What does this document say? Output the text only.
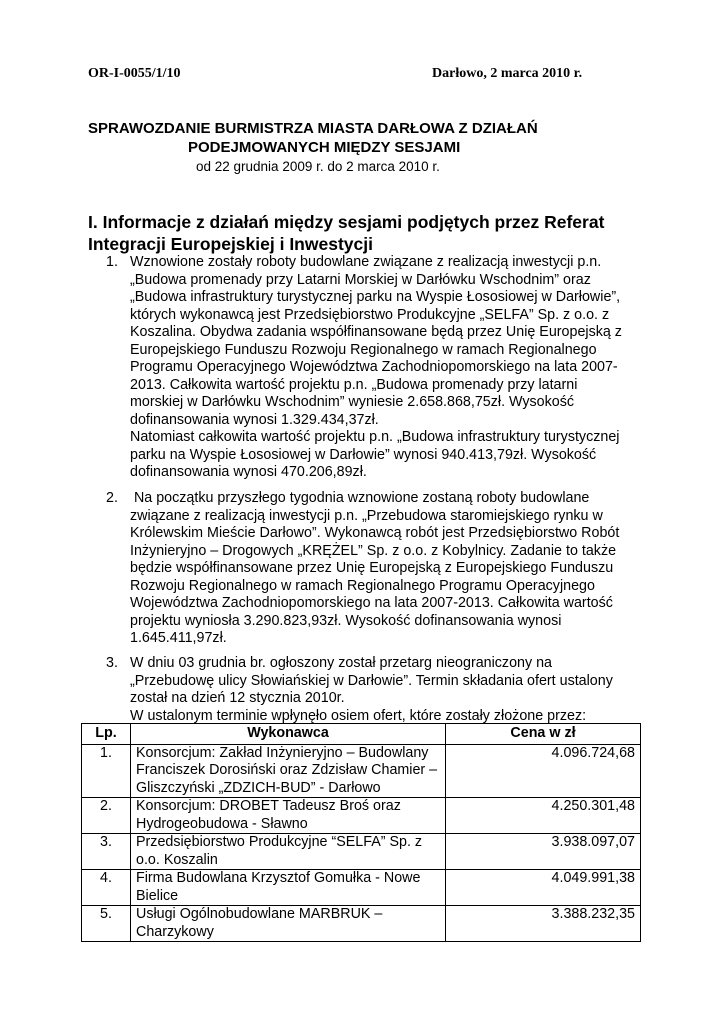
OR-I-0055/1/10	Darłowo, 2 marca 2010 r.
SPRAWOZDANIE BURMISTRZA MIASTA DARŁOWA Z DZIAŁAŃ
PODEJMOWANYCH MIĘDZY SESJAMI
od 22 grudnia 2009 r. do 2 marca 2010 r.
I. Informacje z działań między sesjami podjętych przez Referat
Integracji Europejskiej i Inwestycji
1. Wznowione zostały roboty budowlane związane z realizacją inwestycji p.n.
„Budowa promenady przy Latarni Morskiej w Darłówku Wschodnim” oraz
„Budowa infrastruktury turystycznej parku na Wyspie Łososiowej w Darłowie”,
których wykonawcą jest Przedsiębiorstwo Produkcyjne „SELFA” Sp. z o.o. z
Koszalina. Obydwa zadania współfinansowane będą przez Unię Europejską z
Europejskiego Funduszu Rozwoju Regionalnego w ramach Regionalnego
Programu Operacyjnego Województwa Zachodniopomorskiego na lata 2007-
2013. Całkowita wartość projektu p.n. „Budowa promenady przy latarni
morskiej w Darłówku Wschodnim” wyniesie 2.658.868,75zł. Wysokość
dofinansowania wynosi 1.329.434,37zł.
Natomiast całkowita wartość projektu p.n. „Budowa infrastruktury turystycznej
parku na Wyspie Łososiowej w Darłowie” wynosi 940.413,79zł. Wysokość
dofinansowania wynosi 470.206,89zł.
2. Na początku przyszłego tygodnia wznowione zostaną roboty budowlane
związane z realizacją inwestycji p.n. „Przebudowa staromiejskiego rynku w
Królewskim Mieście Darłowo”. Wykonawcą robót jest Przedsiębiorstwo Robót
Inżynieryjno – Drogowych „KRĘŻEL” Sp. z o.o. z Kobylnicy. Zadanie to także
będzie współfinansowane przez Unię Europejską z Europejskiego Funduszu
Rozwoju Regionalnego w ramach Regionalnego Programu Operacyjnego
Województwa Zachodniopomorskiego na lata 2007-2013. Całkowita wartość
projektu wyniosła 3.290.823,93zł. Wysokość dofinansowania wynosi
1.645.411,97zł.
3. W dniu 03 grudnia br. ogłoszony został przetarg nieograniczony na
„Przebudowę ulicy Słowiańskiej w Darłowie”. Termin składania ofert ustalony
został na dzień 12 stycznia 2010r.
W ustalonym terminie wpłynęło osiem ofert, które zostały złożone przez:
Lp.	Wykonawca	Cena w zł
1.	Konsorcjum: Zakład Inżynieryjno – Budowlany Franciszek Dorosiński oraz Zdzisław Chamier – Gliszczyński „ZDZICH-BUD” - Darłowo	4.096.724,68
2.	Konsorcjum: DROBET Tadeusz Broś oraz Hydrogeobudowa - Sławno	4.250.301,48
3.	Przedsiębiorstwo Produkcyjne “SELFA” Sp. z o.o. Koszalin	3.938.097,07
4.	Firma Budowlana Krzysztof Gomułka - Nowe Bielice	4.049.991,38
5.	Usługi Ogólnobudowlane MARBRUK – Charzykowy	3.388.232,35
